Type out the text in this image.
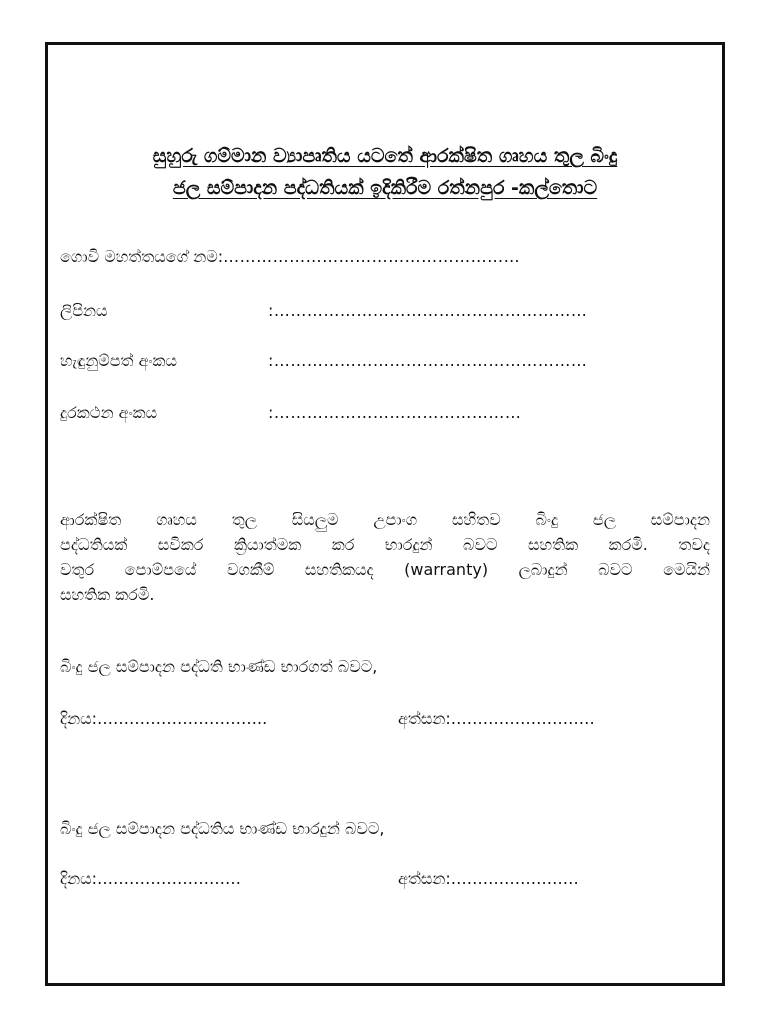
සුහුරු ගම්මාන ව්‍යාපෘතිය යටතේ ආරක්ෂිත ගෘහය තුල බිංදු
ජල සම්පාදන පද්ධතියක් ඉදිකිරීම රත්නපුර -කල්තොට
ගොවි මහත්තයගේ නම:………………………………………………
ලිපිනය	:…………………………………………………
හැඳුනුම්පත් අංකය	:…………………………………………………
දුරකථන අංකය	:………………………………………
ආරක්ෂිත ගෘහය තුල සියලුම උපාංග සහිතව බිංදු ජල සම්පාදන
පද්ධතියක් සවිකර ක්‍රියාත්මක කර භාරදුන් බවට සහතික කරමි. තවද
වතුර පොම්පයේ වගකීම් සහතිකයද (warranty) ලබාදුන් බවට මෙයින්
සහතික කරමි.
බිංදු ජල සම්පාදන පද්ධති භාණ්ඩ භාරගත් බවට,
දිනය:…………………………..	අත්සන:………………………
බිංදු ජල සම්පාදන පද්ධතිය භාණ්ඩ භාරදුන් බවට,
දිනය:………………………	අත්සන:……………………
